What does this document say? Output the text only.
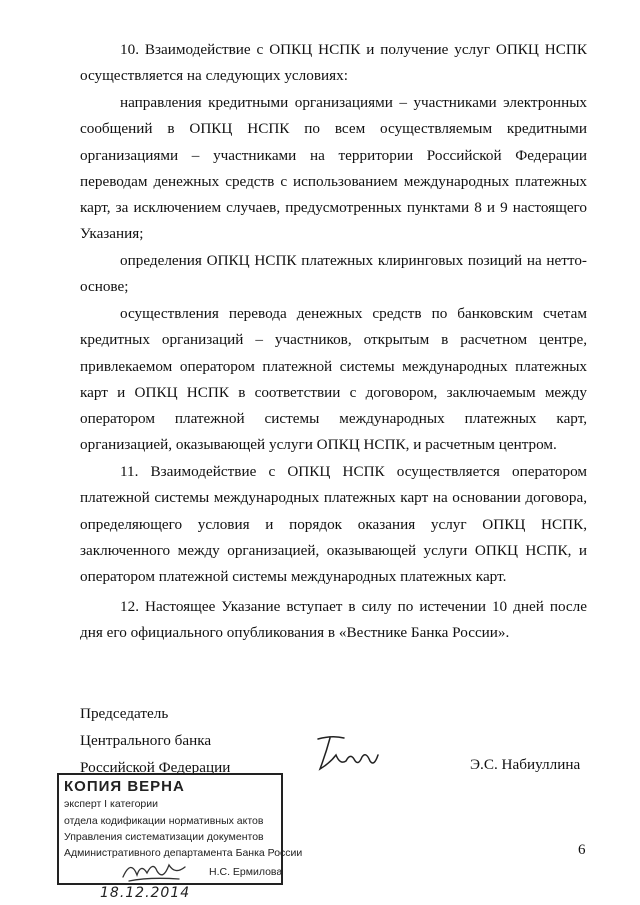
10. Взаимодействие с ОПКЦ НСПК и получение услуг ОПКЦ НСПК осуществляется на следующих условиях:

направления кредитными организациями – участниками электронных сообщений в ОПКЦ НСПК по всем осуществляемым кредитными организациями – участниками на территории Российской Федерации переводам денежных средств с использованием международных платежных карт, за исключением случаев, предусмотренных пунктами 8 и 9 настоящего Указания;

определения ОПКЦ НСПК платежных клиринговых позиций на нетто-основе;

осуществления перевода денежных средств по банковским счетам кредитных организаций – участников, открытым в расчетном центре, привлекаемом оператором платежной системы международных платежных карт и ОПКЦ НСПК в соответствии с договором, заключаемым между оператором платежной системы международных платежных карт, организацией, оказывающей услуги ОПКЦ НСПК, и расчетным центром.

11. Взаимодействие с ОПКЦ НСПК осуществляется оператором платежной системы международных платежных карт на основании договора, определяющего условия и порядок оказания услуг ОПКЦ НСПК, заключенного между организацией, оказывающей услуги ОПКЦ НСПК, и оператором платежной системы международных платежных карт.

12. Настоящее Указание вступает в силу по истечении 10 дней после дня его официального опубликования в «Вестнике Банка России».

Председатель
Центрального банка
Российской Федерации	Э.С. Набиуллина
6
КОПИЯ ВЕРНА
эксперт I категории
отдела кодификации нормативных актов
Управления систематизации документов
Административного департамента Банка России
Н.С. Ермилова
18.12.2014
